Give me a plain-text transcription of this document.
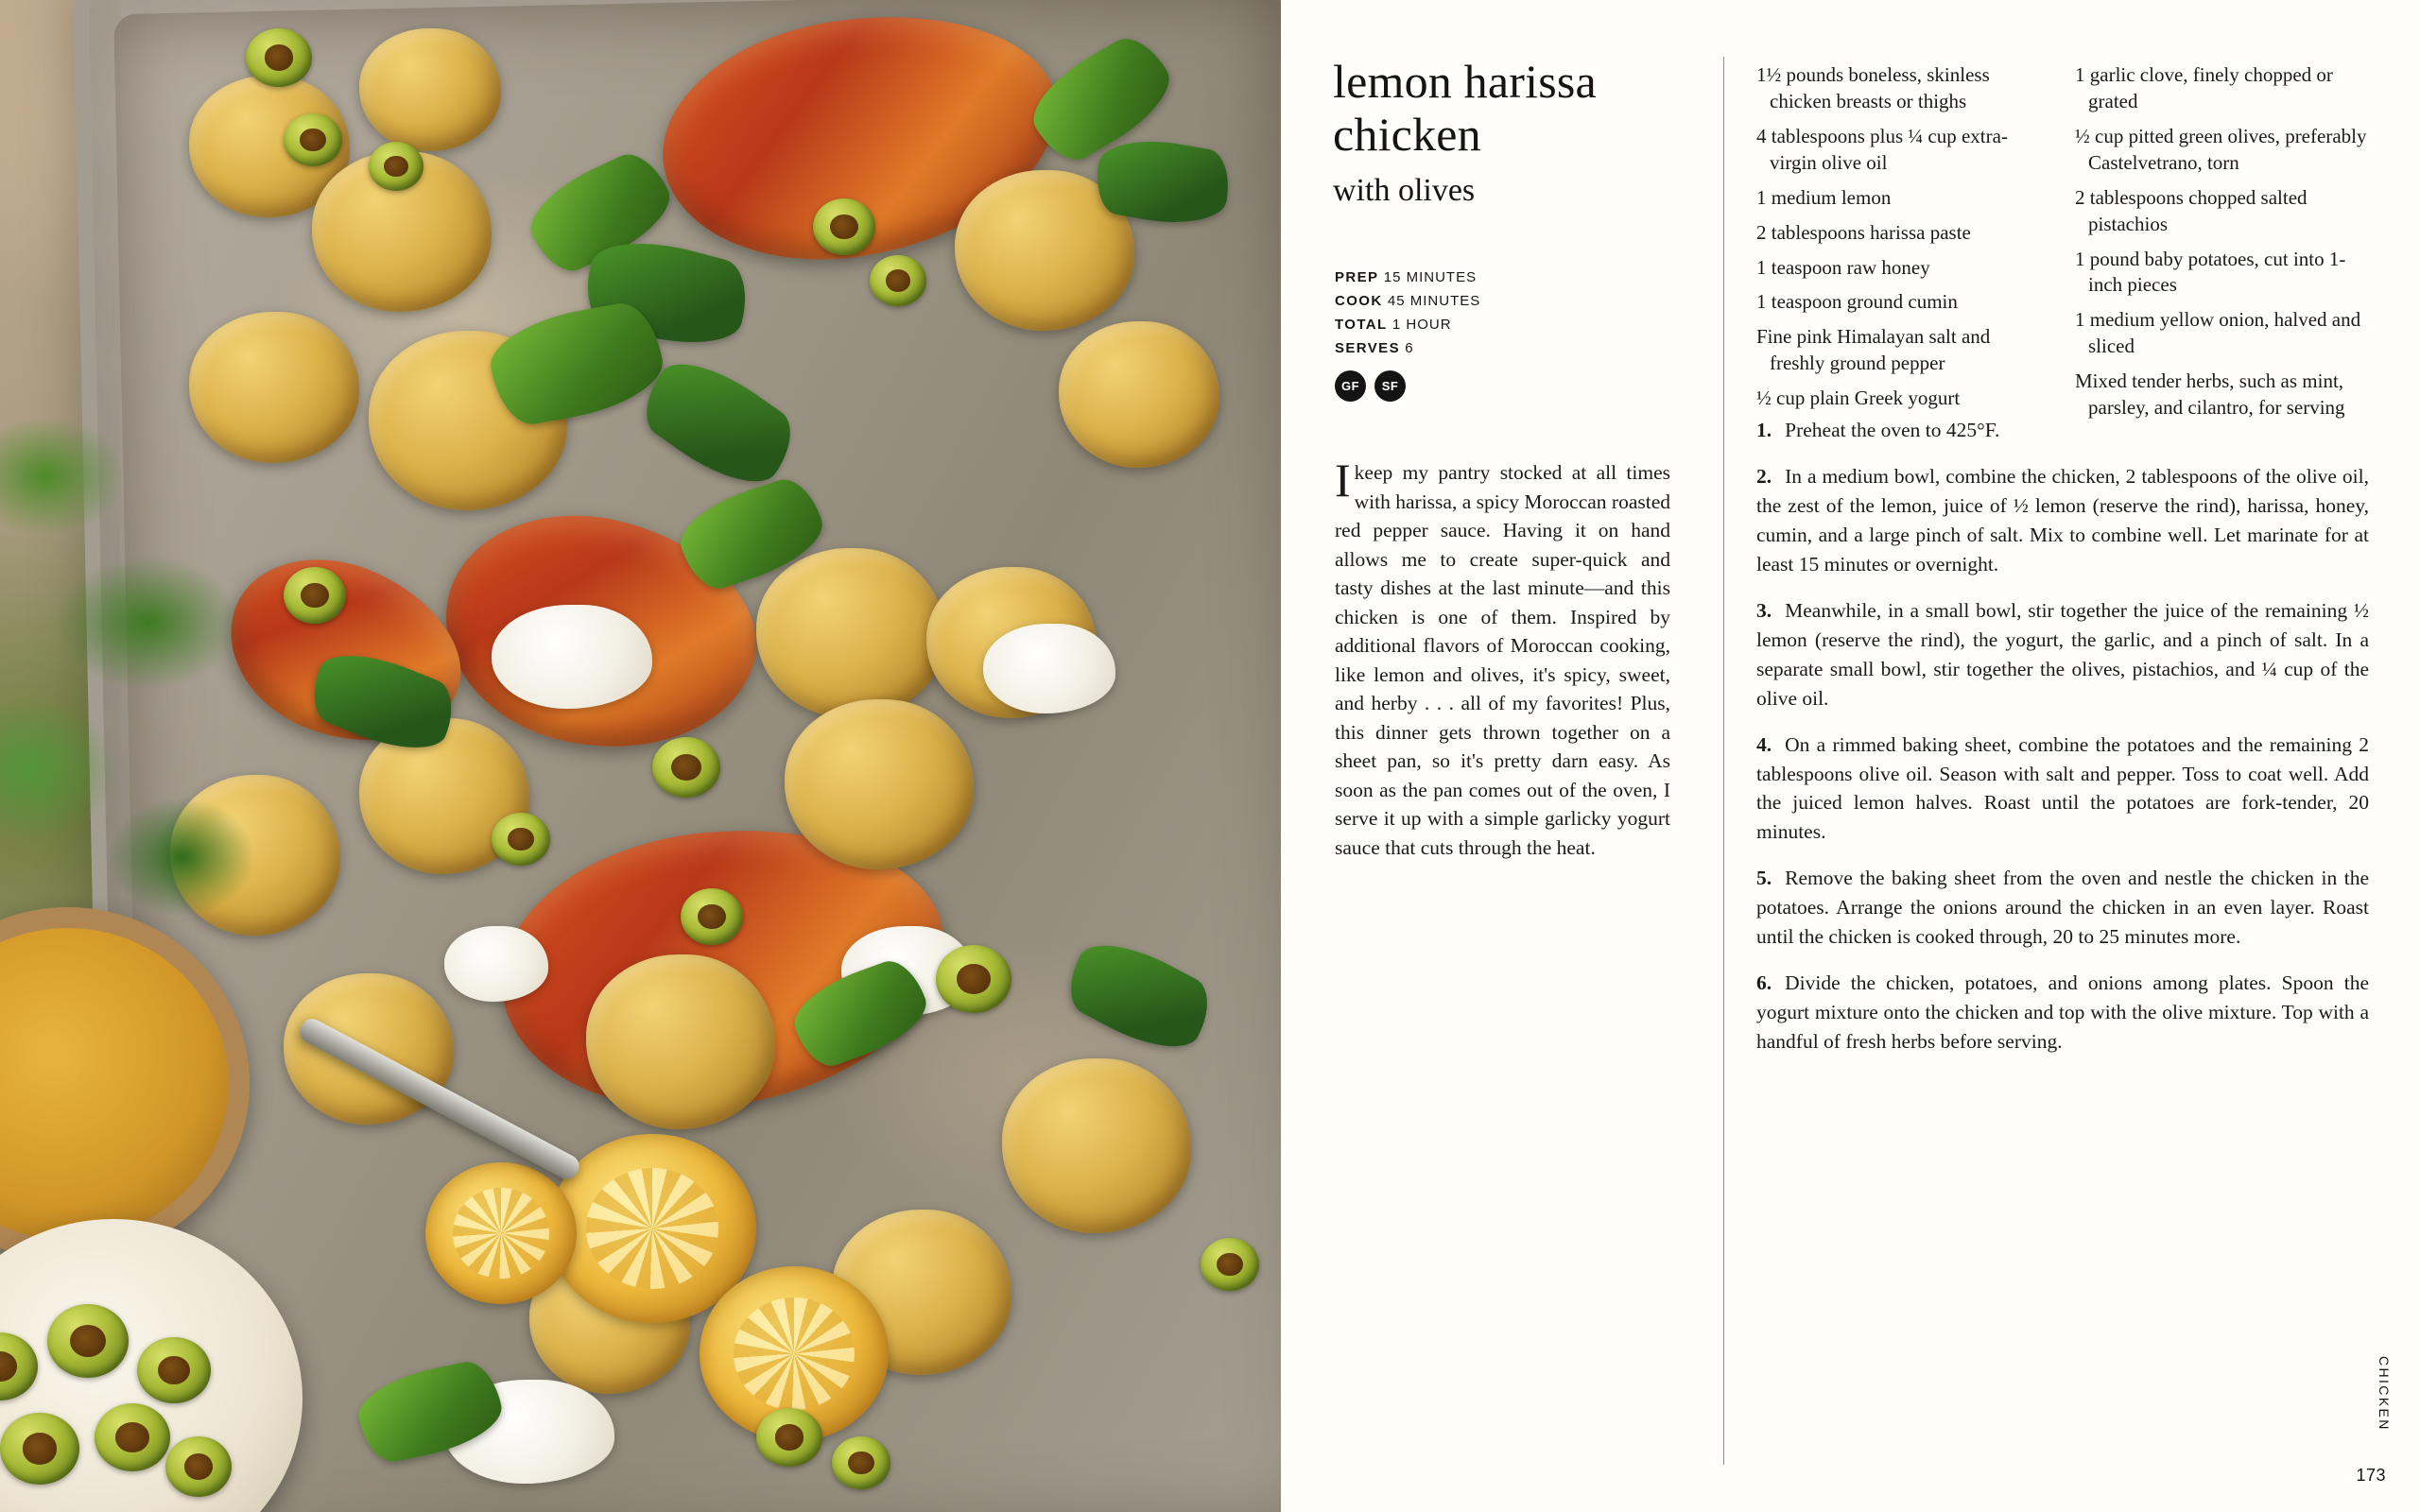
lemon harissa
chicken
with olives
PREP 15 MINUTES
COOK 45 MINUTES
TOTAL 1 HOUR
SERVES 6
GF	SF
Ikeep my pantry stocked at all times with harissa, a spicy Moroccan roasted red pepper sauce. Having it on hand allows me to create super-quick and tasty dishes at the last minute—and this chicken is one of them. Inspired by additional flavors of Moroccan cooking, like lemon and olives, it's spicy, sweet, and herby . . . all of my favorites! Plus, this dinner gets thrown together on a sheet pan, so it's pretty darn easy. As soon as the pan comes out of the oven, I serve it up with a simple garlicky yogurt sauce that cuts through the heat.
1½ pounds boneless, skinless chicken breasts or thighs
4 tablespoons plus ¼ cup extra-virgin olive oil
1 medium lemon
2 tablespoons harissa paste
1 teaspoon raw honey
1 teaspoon ground cumin
Fine pink Himalayan salt and freshly ground pepper
½ cup plain Greek yogurt
1 garlic clove, finely chopped or grated
½ cup pitted green olives, preferably Castelvetrano, torn
2 tablespoons chopped salted pistachios
1 pound baby potatoes, cut into 1-inch pieces
1 medium yellow onion, halved and sliced
Mixed tender herbs, such as mint, parsley, and cilantro, for serving
1. Preheat the oven to 425°F.
2. In a medium bowl, combine the chicken, 2 tablespoons of the olive oil, the zest of the lemon, juice of ½ lemon (reserve the rind), harissa, honey, cumin, and a large pinch of salt. Mix to combine well. Let marinate for at least 15 minutes or overnight.
3. Meanwhile, in a small bowl, stir together the juice of the remaining ½ lemon (reserve the rind), the yogurt, the garlic, and a pinch of salt. In a separate small bowl, stir together the olives, pistachios, and ¼ cup of the olive oil.
4. On a rimmed baking sheet, combine the potatoes and the remaining 2 tablespoons olive oil. Season with salt and pepper. Toss to coat well. Add the juiced lemon halves. Roast until the potatoes are fork-tender, 20 minutes.
5. Remove the baking sheet from the oven and nestle the chicken in the potatoes. Arrange the onions around the chicken in an even layer. Roast until the chicken is cooked through, 20 to 25 minutes more.
6. Divide the chicken, potatoes, and onions among plates. Spoon the yogurt mixture onto the chicken and top with the olive mixture. Top with a handful of fresh herbs before serving.
CHICKEN
173
